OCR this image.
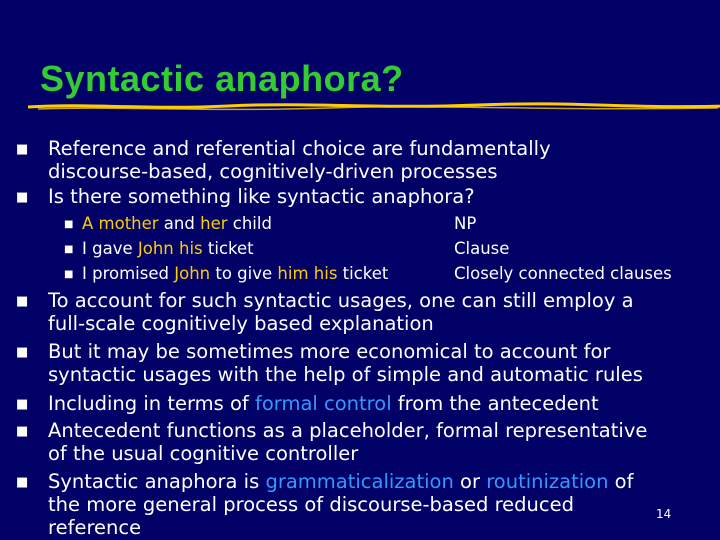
Syntactic anaphora?
■ Reference and referential choice are fundamentally
discourse-based, cognitively-driven processes
■ Is there something like syntactic anaphora?
■ A mother and her child	NP
■ I gave John his ticket	Clause
■ I promised John to give him his ticket	Closely connected clauses
■ To account for such syntactic usages, one can still employ a
full-scale cognitively based explanation
■ But it may be sometimes more economical to account for
syntactic usages with the help of simple and automatic rules
■ Including in terms of formal control from the antecedent
■ Antecedent functions as a placeholder, formal representative
of the usual cognitive controller
■ Syntactic anaphora is grammaticalization or routinization of
the more general process of discourse-based reduced
reference
14
